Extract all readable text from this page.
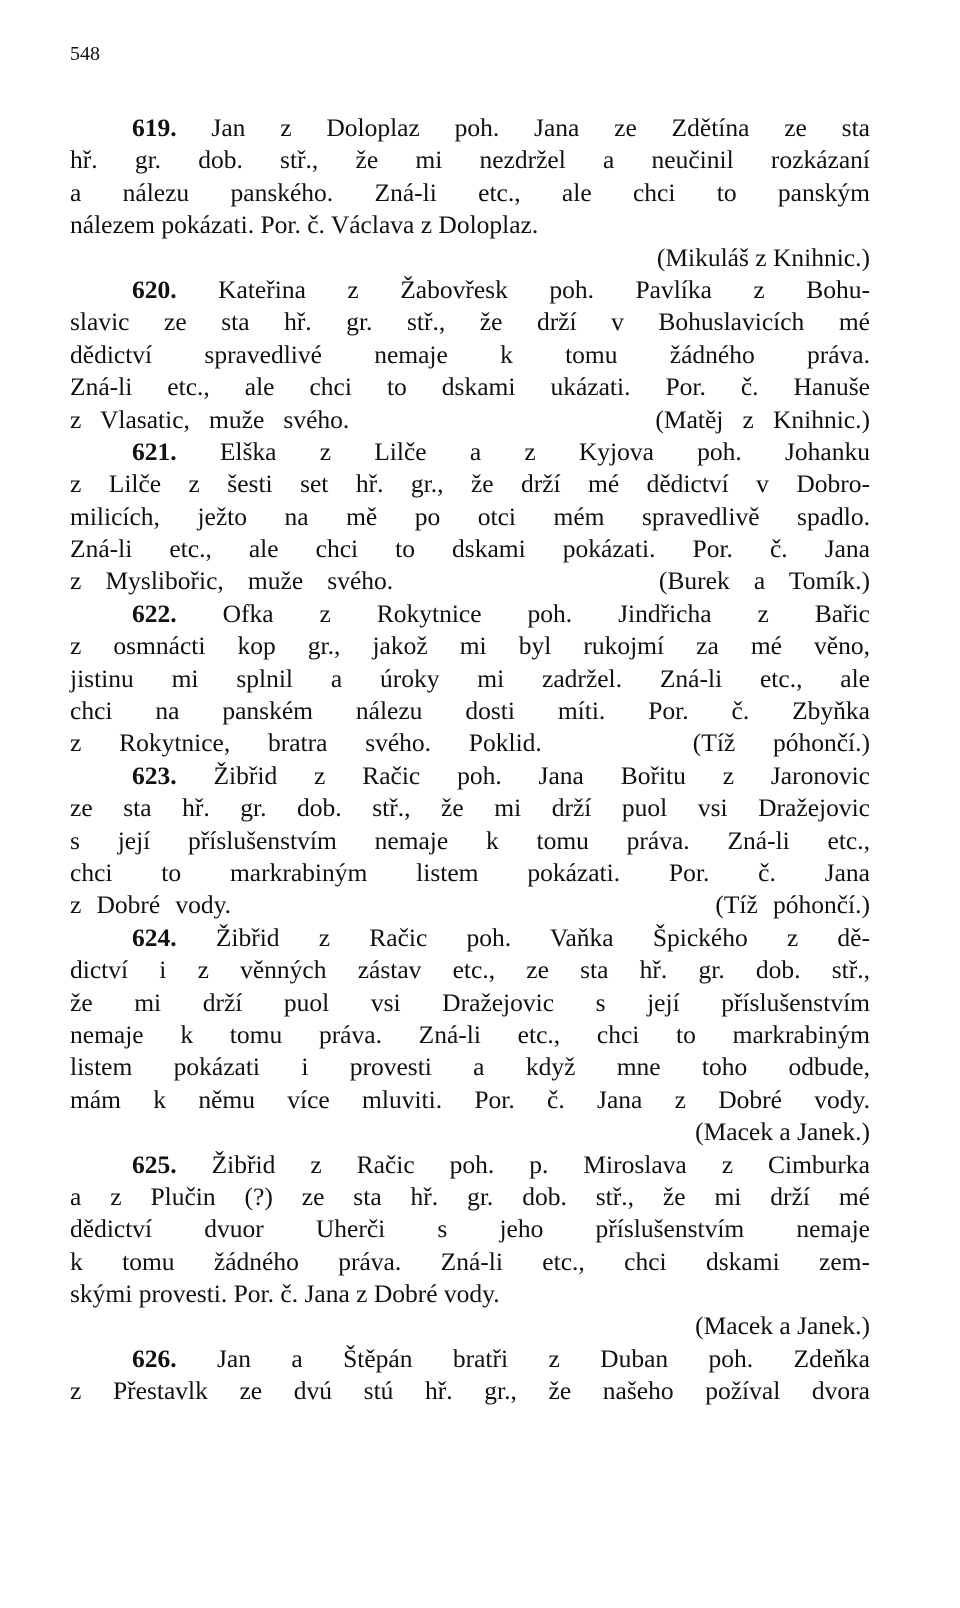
548
619. Jan z Doloplaz poh. Jana ze Zdětína ze sta
hř. gr. dob. stř., že mi nezdržel a neučinil rozkázaní
a nálezu panského. Zná-li etc., ale chci to panským
nálezem pokázati. Por. č. Václava z Doloplaz.
(Mikuláš z Knihnic.)
620. Kateřina z Žabovřesk poh. Pavlíka z Bohu-
slavic ze sta hř. gr. stř., že drží v Bohuslavicích mé
dědictví spravedlivé nemaje k tomu žádného práva.
Zná-li etc., ale chci to dskami ukázati. Por. č. Hanuše
z Vlasatic, muže svého.                (Matěj z Knihnic.)
621. Elška z Lilče a z Kyjova poh. Johanku
z Lilče z šesti set hř. gr., že drží mé dědictví v Dobro-
milicích, ježto na mě po otci mém spravedlivě spadlo.
Zná-li etc., ale chci to dskami pokázati. Por. č. Jana
z Myslibořic, muže svého.           (Burek a Tomík.)
622. Ofka z Rokytnice poh. Jindřicha z Bařic
z osmnácti kop gr., jakož mi byl rukojmí za mé věno,
jistinu mi splnil a úroky mi zadržel. Zná-li etc., ale
chci na panském nálezu dosti míti. Por. č. Zbyňka
z Rokytnice, bratra svého. Poklid.    (Tíž póhončí.)
623. Žibřid z Račic poh. Jana Bořitu z Jaronovic
ze sta hř. gr. dob. stř., že mi drží puol vsi Dražejovic
s její příslušenstvím nemaje k tomu práva. Zná-li etc.,
chci to markrabiným listem pokázati. Por. č. Jana
z Dobré vody.                                (Tíž póhončí.)
624. Žibřid z Račic poh. Vaňka Špického z dě-
dictví i z věnných zástav etc., ze sta hř. gr. dob. stř.,
že mi drží puol vsi Dražejovic s její příslušenstvím
nemaje k tomu práva. Zná-li etc., chci to markrabiným
listem pokázati i provesti a když mne toho odbude,
mám k němu více mluviti. Por. č. Jana z Dobré vody.
(Macek a Janek.)
625. Žibřid z Račic poh. p. Miroslava z Cimburka
a z Plučin (?) ze sta hř. gr. dob. stř., že mi drží mé
dědictví dvuor Uherči s jeho příslušenstvím nemaje
k tomu žádného práva. Zná-li etc., chci dskami zem-
skými provesti. Por. č. Jana z Dobré vody.
(Macek a Janek.)
626. Jan a Štěpán bratři z Duban poh. Zdeňka
z Přestavlk ze dvú stú hř. gr., že našeho požíval dvora
